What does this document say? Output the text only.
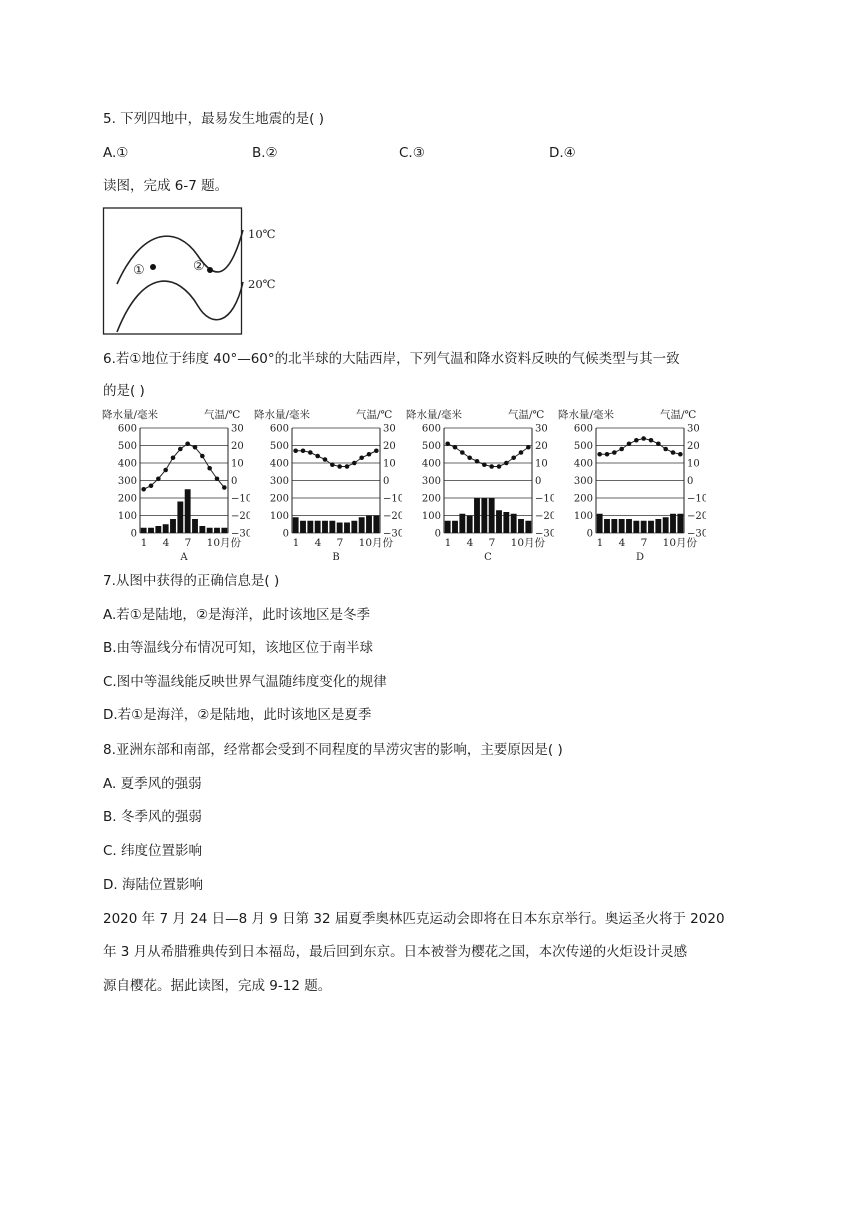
5. 下列四地中，最易发生地震的是( )
A.①	B.②	C.③	D.④
读图，完成 6-7 题。
①	②
10℃
20℃
6.若①地位于纬度 40°—60°的北半球的大陆西岸，下列气温和降水资料反映的气候类型与其一致
的是( )
降水量/毫米	气温/℃
600	30
500	20
400	10
300	0
200	−10
100	−20
0	−30
1 4 7 10月份
A
降水量/毫米	气温/℃
600	30
500	20
400	10
300	0
200	−10
100	−20
0	−30
1 4 7 10月份
B
降水量/毫米	气温/℃
600	30
500	20
400	10
300	0
200	−10
100	−20
0	−30
1 4 7 10月份
C
降水量/毫米	气温/℃
600	30
500	20
400	10
300	0
200	−10
100	−20
0	−30
1 4 7 10月份
D
7.从图中获得的正确信息是( )
A.若①是陆地，②是海洋，此时该地区是冬季
B.由等温线分布情况可知，该地区位于南半球
C.图中等温线能反映世界气温随纬度变化的规律
D.若①是海洋，②是陆地，此时该地区是夏季
8.亚洲东部和南部，经常都会受到不同程度的旱涝灾害的影响，主要原因是( )
A. 夏季风的强弱
B. 冬季风的强弱
C. 纬度位置影响
D. 海陆位置影响
2020 年 7 月 24 日—8 月 9 日第 32 届夏季奥林匹克运动会即将在日本东京举行。奥运圣火将于 2020
年 3 月从希腊雅典传到日本福岛，最后回到东京。日本被誉为樱花之国，本次传递的火炬设计灵感
源自樱花。据此读图，完成 9-12 题。
